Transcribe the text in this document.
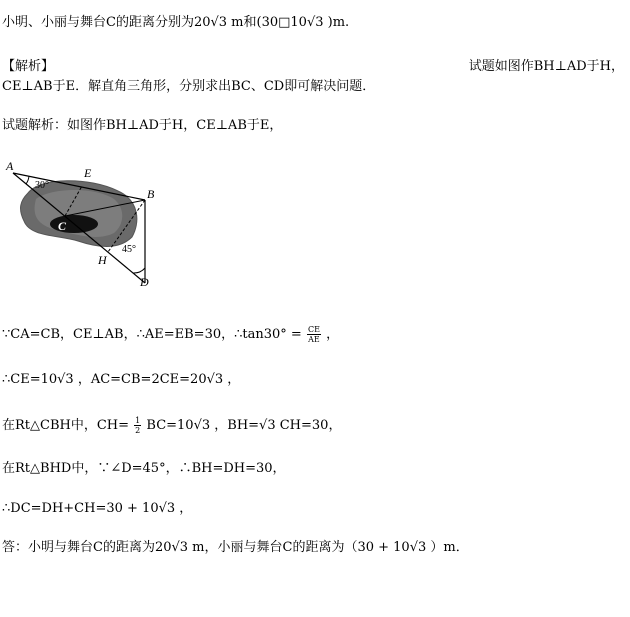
小明、小丽与舞台C的距离分别为20√3 m和(30□10√3 )m.
【解析】	试题如图作BH⊥AD于H，
CE⊥AB于E．解直角三角形，分别求出BC、CD即可解决问题．
试题解析：如图作BH⊥AD于H，CE⊥AB于E，
A	E
B
C
H
D
30°
45°
∵CA=CB，CE⊥AB，∴AE=EB=30，∴tan30° = $\frac{CE}{AE}$ ，
∴CE=10√3 ，AC=CB=2CE=20√3 ，
在Rt△CBH中，$CH= \frac{1}{2} BC=10√3$ ，BH=√3 CH=30，
在Rt△BHD中，∵∠D=45°，∴BH=DH=30，
∴DC=DH+CH=30 + 10√3 ，
答：小明与舞台C的距离为20√3 m，小丽与舞台C的距离为（30 + 10√3 ）m．
